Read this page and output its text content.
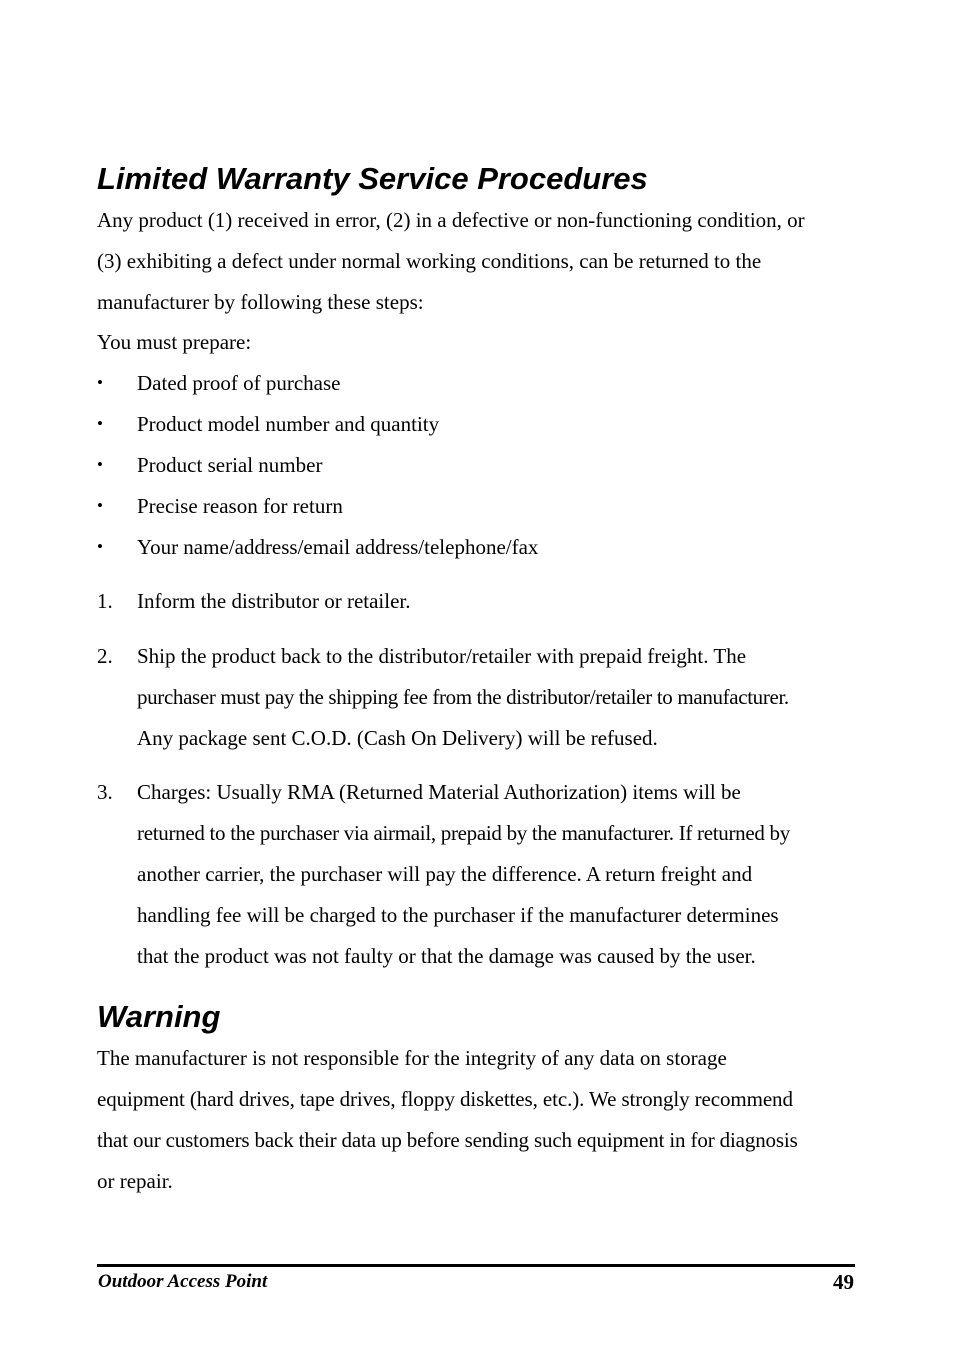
Limited Warranty Service Procedures

Any product (1) received in error, (2) in a defective or non-functioning condition, or

(3) exhibiting a defect under normal working conditions, can be returned to the

manufacturer by following these steps:

You must prepare:

• Dated proof of purchase
• Product model number and quantity
• Product serial number
• Precise reason for return
• Your name/address/email address/telephone/fax
1. Inform the distributor or retailer.
2. Ship the product back to the distributor/retailer with prepaid freight. The
purchaser must pay the shipping fee from the distributor/retailer to manufacturer.
Any package sent C.O.D. (Cash On Delivery) will be refused.
3. Charges: Usually RMA (Returned Material Authorization) items will be
returned to the purchaser via airmail, prepaid by the manufacturer. If returned by
another carrier, the purchaser will pay the difference. A return freight and
handling fee will be charged to the purchaser if the manufacturer determines
that the product was not faulty or that the damage was caused by the user.
Warning

The manufacturer is not responsible for the integrity of any data on storage

equipment (hard drives, tape drives, floppy diskettes, etc.). We strongly recommend

that our customers back their data up before sending such equipment in for diagnosis

or repair.

Outdoor Access Point	49
